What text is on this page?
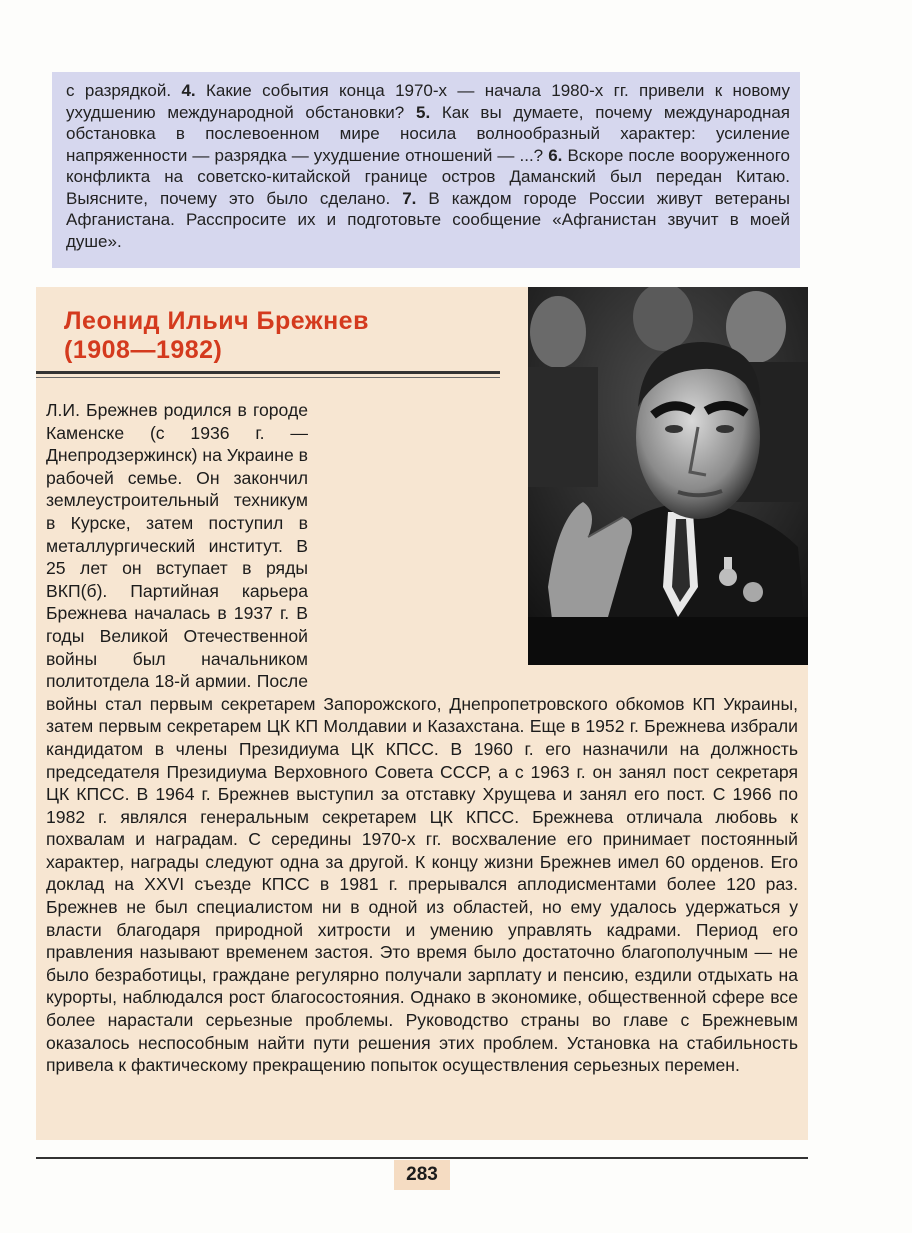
с разрядкой. 4. Какие события конца 1970-х — начала 1980-х гг. привели к новому ухудшению международной обстановки? 5. Как вы думаете, почему международная обстановка в послевоенном мире носила волнообразный характер: усиление напряженности — разрядка — ухудшение отношений — ...? 6. Вскоре после вооруженного конфликта на советско-китайской границе остров Даманский был передан Китаю. Выясните, почему это было сделано. 7. В каждом городе России живут ветераны Афганистана. Расспросите их и подготовьте сообщение «Афганистан звучит в моей душе».
Леонид Ильич Брежнев
(1908—1982)
Л.И. Брежнев родился в городе Каменске (с 1936 г. — Днепродзержинск) на Украине в рабочей семье. Он закончил землеустроительный техникум в Курске, затем поступил в металлургический институт. В 25 лет он вступает в ряды ВКП(б). Партийная карьера Брежнева началась в 1937 г. В годы Великой Отечественной войны был начальником политотдела 18-й армии. После войны стал первым секретарем Запорожского, Днепропетровского обкомов КП Украины, затем первым секретарем ЦК КП Молдавии и Казахстана. Еще в 1952 г. Брежнева избрали кандидатом в члены Президиума ЦК КПСС. В 1960 г. его назначили на должность председателя Президиума Верховного Совета СССР, а с 1963 г. он занял пост секретаря ЦК КПСС. В 1964 г. Брежнев выступил за отставку Хрущева и занял его пост. С 1966 по 1982 г. являлся генеральным секретарем ЦК КПСС. Брежнева отличала любовь к похвалам и наградам. С середины 1970-х гг. восхваление его принимает постоянный характер, награды следуют одна за другой. К концу жизни Брежнев имел 60 орденов. Его доклад на XXVI съезде КПСС в 1981 г. прерывался аплодисментами более 120 раз. Брежнев не был специалистом ни в одной из областей, но ему удалось удержаться у власти благодаря природной хитрости и умению управлять кадрами. Период его правления называют временем застоя. Это время было достаточно благополучным — не было безработицы, граждане регулярно получали зарплату и пенсию, ездили отдыхать на курорты, наблюдался рост благосостояния. Однако в экономике, общественной сфере все более нарастали серьезные проблемы. Руководство страны во главе с Брежневым оказалось неспособным найти пути решения этих проблем. Установка на стабильность привела к фактическому прекращению попыток осуществления серьезных перемен.
283
